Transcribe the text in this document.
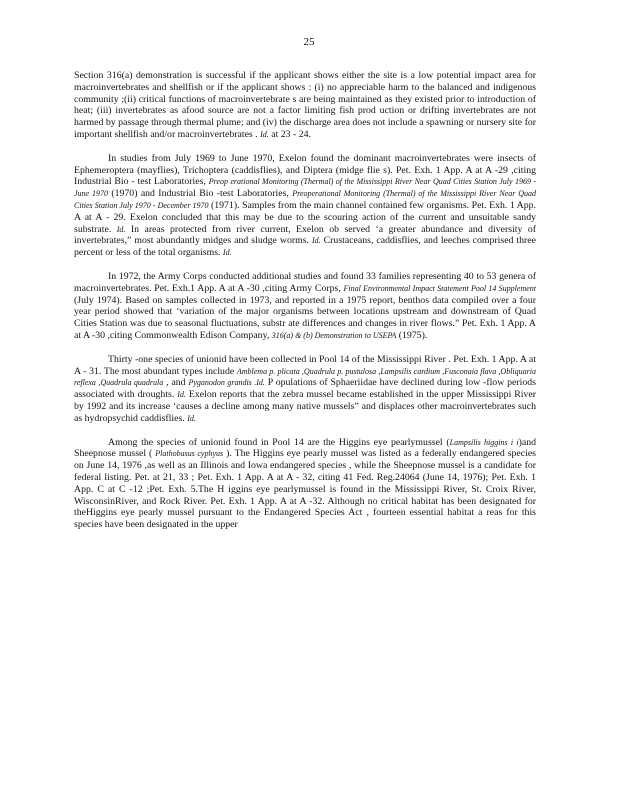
25

Section 316(a) demonstration is successful if the applicant shows either the site is a low potential impact area for macroinvertebrates and shellfish or if the applicant shows : (i) no appreciable harm to the balanced and indigenous community ;(ii) critical functions of macroinvertebrate s are being maintained as they existed prior to introduction of heat; (iii) invertebrates as afood source are not a factor limiting fish prod uction or drifting invertebrates are not harmed by passage through thermal plume; and (iv) the discharge area does not include a spawning or nursery site for important shellfish and/or macroinvertebrates . Id. at 23 - 24.

In studies from July 1969 to June 1970, Exelon found the dominant macroinvertebrates were insects of Ephemeroptera (mayflies), Trichoptera (caddisflies), and Diptera (midge flie s). Pet. Exh. 1 App. A at A -29 ,citing Industrial Bio - test Laboratories, Preop erational Monitoring (Thermal) of the Mississippi River Near Quad Cities Station July 1969 - June 1970 (1970) and Industrial Bio -test Laboratories, Preoperational Monitoring (Thermal) of the Mississippi River Near Quad Cities Station July 1970 - December 1970 (1971). Samples from the main channel contained few organisms. Pet. Exh. 1 App. A at A - 29. Exelon concluded that this may be due to the scouring action of the current and unsuitable sandy substrate. Id. In areas protected from river current, Exelon ob served ‘a greater abundance and diversity of invertebrates,” most abundantly midges and sludge worms. Id. Crustaceans, caddisflies, and leeches comprised three percent or less of the total organisms. Id.

In 1972, the Army Corps conducted additional studies and found 33 families representing 40 to 53 genera of macroinvertebrates. Pet. Exh.1 App. A at A -30 ,citing Army Corps, Final Environmental Impact Statement Pool 14 Supplement (July 1974). Based on samples collected in 1973, and reported in a 1975 report, benthos data compiled over a four year period showed that ‘variation of the major organisms between locations upstream and downstream of Quad Cities Station was due to seasonal fluctuations, substr ate differences and changes in river flows.” Pet. Exh. 1 App. A at A -30 ,citing Commonwealth Edison Company, 316(a) & (b) Demonstration to USEPA (1975).

Thirty -one species of unionid have been collected in Pool 14 of the Mississippi River . Pet. Exh. 1 App. A at A - 31. The most abundant types include Amblema p. plicata ,Quadrula p. pustulosa ,Lampsilis cardium ,Fusconaia flava ,Obliquaria reflexa ,Quadrula quadrula , and Pyganodon grandis .Id. P opulations of Sphaeriidae have declined during low -flow periods associated with droughts. Id. Exelon reports that the zebra mussel became established in the upper Mississippi River by 1992 and its increase ‘causes a decline among many native mussels” and displaces other macroinvertebrates such as hydropsychid caddisflies. Id.

Among the species of unionid found in Pool 14 are the Higgins eye pearlymussel (Lampsilis higgins i i)and Sheepnose mussel ( Plathobasus cyphyus ). The Higgins eye pearly mussel was listed as a federally endangered species on June 14, 1976 ,as well as an Illinois and Iowa endangered species , while the Sheepnose mussel is a candidate for federal listing. Pet. at 21, 33 ; Pet. Exh. 1 App. A at A - 32, citing 41 Fed. Reg.24064 (June 14, 1976); Pet. Exh. 1 App. C at C -12 ;Pet. Exh. 5.The H iggins eye pearlymussel is found in the Mississippi River, St. Croix River, WisconsinRiver, and Rock River. Pet. Exh. 1 App. A at A -32. Although no critical habitat has been designated for theHiggins eye pearly mussel pursuant to the Endangered Species Act , fourteen essential habitat a reas for this species have been designated in the upper
